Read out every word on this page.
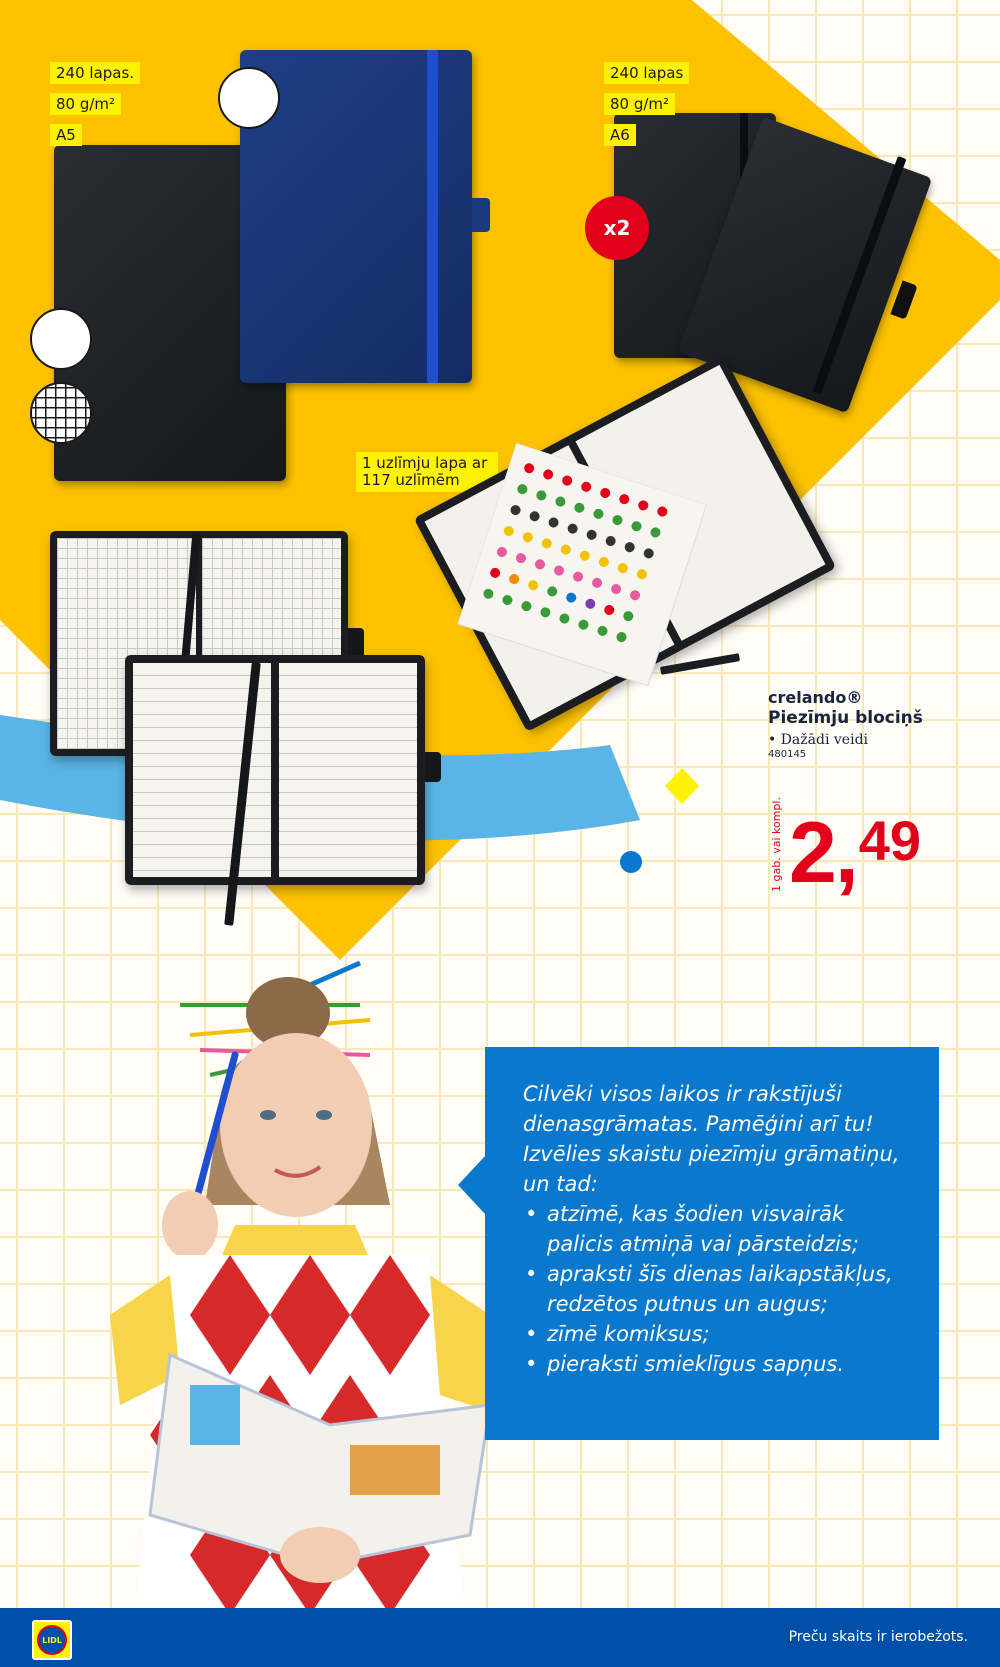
240 lapas.
80 g/m²
A5
240 lapas
80 g/m²
A6
x2
1 uzlīmju lapa ar 117 uzlīmēm
crelando®
Piezīmju blociņš
• Dažādi veidi
480145
1 gab. vai kompl. 2,49
Cilvēki visos laikos ir rakstījuši dienasgrāmatas. Pamēģini arī tu! Izvēlies skaistu piezīmju grāmatiņu, un tad:
• atzīmē, kas šodien visvairāk palicis atmiņā vai pārsteidzis;
• apraksti šīs dienas laikapstākļus, redzētos putnus un augus;
• zīmē komiksus;
• pieraksti smieklīgus sapņus.
LIDL	Preču skaits ir ierobežots.
